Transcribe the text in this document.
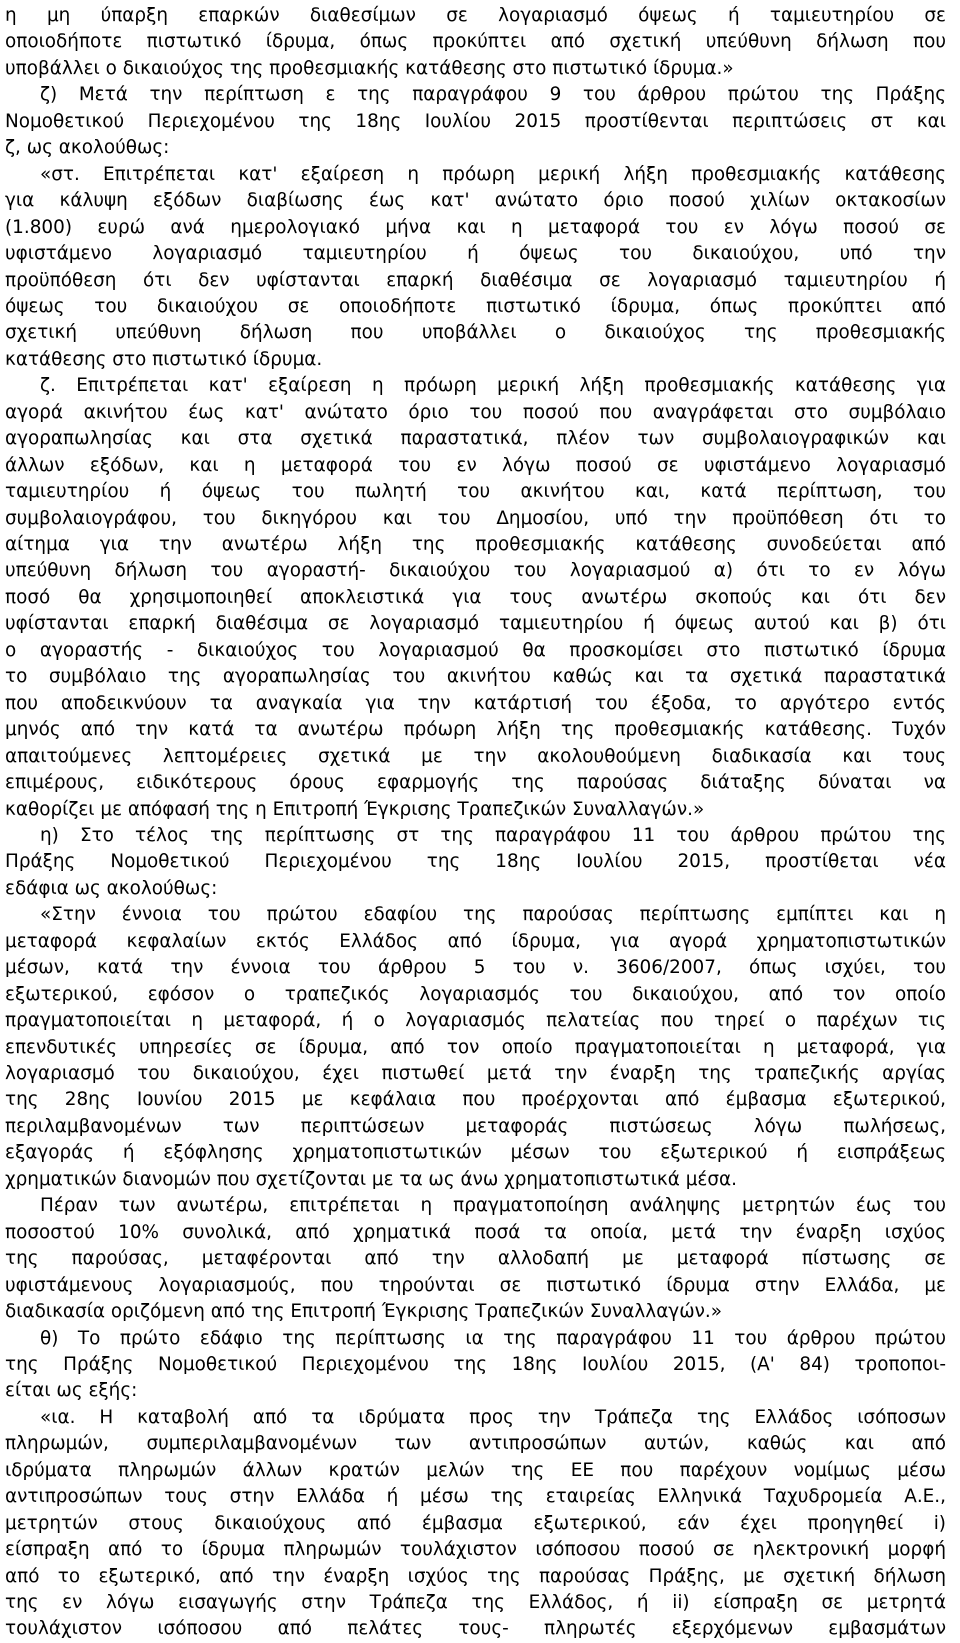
η μη ύπαρξη επαρκών διαθεσίμων σε λογαριασμό όψεως ή ταμιευτηρίου σε
οποιοδήποτε πιστωτικό ίδρυμα, όπως προκύπτει από σχετική υπεύθυνη δήλωση που
υποβάλλει ο δικαιούχος της προθεσμιακής κατάθεσης στο πιστωτικό ίδρυμα.»
ζ) Μετά την περίπτωση ε της παραγράφου 9 του άρθρου πρώτου της Πράξης
Νομοθετικού Περιεχομένου της 18ης Ιουλίου 2015 προστίθενται περιπτώσεις στ και
ζ, ως ακολούθως:
«στ. Επιτρέπεται κατ' εξαίρεση η πρόωρη μερική λήξη προθεσμιακής κατάθεσης
για κάλυψη εξόδων διαβίωσης έως κατ' ανώτατο όριο ποσού χιλίων οκτακοσίων
(1.800) ευρώ ανά ημερολογιακό μήνα και η μεταφορά του εν λόγω ποσού σε
υφιστάμενο λογαριασμό ταμιευτηρίου ή όψεως του δικαιούχου, υπό την
προϋπόθεση ότι δεν υφίστανται επαρκή διαθέσιμα σε λογαριασμό ταμιευτηρίου ή
όψεως του δικαιούχου σε οποιοδήποτε πιστωτικό ίδρυμα, όπως προκύπτει από
σχετική υπεύθυνη δήλωση που υποβάλλει ο δικαιούχος της προθεσμιακής
κατάθεσης στο πιστωτικό ίδρυμα.
ζ. Επιτρέπεται κατ' εξαίρεση η πρόωρη μερική λήξη προθεσμιακής κατάθεσης για
αγορά ακινήτου έως κατ' ανώτατο όριο του ποσού που αναγράφεται στο συμβόλαιο
αγοραπωλησίας και στα σχετικά παραστατικά, πλέον των συμβολαιογραφικών και
άλλων εξόδων, και η μεταφορά του εν λόγω ποσού σε υφιστάμενο λογαριασμό
ταμιευτηρίου ή όψεως του πωλητή του ακινήτου και, κατά περίπτωση, του
συμβολαιογράφου, του δικηγόρου και του Δημοσίου, υπό την προϋπόθεση ότι το
αίτημα για την ανωτέρω λήξη της προθεσμιακής κατάθεσης συνοδεύεται από
υπεύθυνη δήλωση του αγοραστή- δικαιούχου του λογαριασμού α) ότι το εν λόγω
ποσό θα χρησιμοποιηθεί αποκλειστικά για τους ανωτέρω σκοπούς και ότι δεν
υφίστανται επαρκή διαθέσιμα σε λογαριασμό ταμιευτηρίου ή όψεως αυτού και β) ότι
ο αγοραστής - δικαιούχος του λογαριασμού θα προσκομίσει στο πιστωτικό ίδρυμα
το συμβόλαιο της αγοραπωλησίας του ακινήτου καθώς και τα σχετικά παραστατικά
που αποδεικνύουν τα αναγκαία για την κατάρτισή του έξοδα, το αργότερο εντός
μηνός από την κατά τα ανωτέρω πρόωρη λήξη της προθεσμιακής κατάθεσης. Τυχόν
απαιτούμενες λεπτομέρειες σχετικά με την ακολουθούμενη διαδικασία και τους
επιμέρους, ειδικότερους όρους εφαρμογής της παρούσας διάταξης δύναται να
καθορίζει με απόφασή της η Επιτροπή Έγκρισης Τραπεζικών Συναλλαγών.»
η) Στο τέλος της περίπτωσης στ της παραγράφου 11 του άρθρου πρώτου της
Πράξης Νομοθετικού Περιεχομένου της 18ης Ιουλίου 2015, προστίθεται νέα
εδάφια ως ακολούθως:
«Στην έννοια του πρώτου εδαφίου της παρούσας περίπτωσης εμπίπτει και η
μεταφορά κεφαλαίων εκτός Ελλάδος από ίδρυμα, για αγορά χρηματοπιστωτικών
μέσων, κατά την έννοια του άρθρου 5 του ν. 3606/2007, όπως ισχύει, του
εξωτερικού, εφόσον ο τραπεζικός λογαριασμός του δικαιούχου, από τον οποίο
πραγματοποιείται η μεταφορά, ή ο λογαριασμός πελατείας που τηρεί ο παρέχων τις
επενδυτικές υπηρεσίες σε ίδρυμα, από τον οποίο πραγματοποιείται η μεταφορά, για
λογαριασμό του δικαιούχου, έχει πιστωθεί μετά την έναρξη της τραπεζικής αργίας
της 28ης Ιουνίου 2015 με κεφάλαια που προέρχονται από έμβασμα εξωτερικού,
περιλαμβανομένων των περιπτώσεων μεταφοράς πιστώσεως λόγω πωλήσεως,
εξαγοράς ή εξόφλησης χρηματοπιστωτικών μέσων του εξωτερικού ή εισπράξεως
χρηματικών διανομών που σχετίζονται με τα ως άνω χρηματοπιστωτικά μέσα.
Πέραν των ανωτέρω, επιτρέπεται η πραγματοποίηση ανάληψης μετρητών έως του
ποσοστού 10% συνολικά, από χρηματικά ποσά τα οποία, μετά την έναρξη ισχύος
της παρούσας, μεταφέρονται από την αλλοδαπή με μεταφορά πίστωσης σε
υφιστάμενους λογαριασμούς, που τηρούνται σε πιστωτικό ίδρυμα στην Ελλάδα, με
διαδικασία οριζόμενη από της Επιτροπή Έγκρισης Τραπεζικών Συναλλαγών.»
θ) Το πρώτο εδάφιο της περίπτωσης ια της παραγράφου 11 του άρθρου πρώτου
της Πράξης Νομοθετικού Περιεχομένου της 18ης Ιουλίου 2015, (Α' 84) τροποποι-
είται ως εξής:
«ια. Η καταβολή από τα ιδρύματα προς την Τράπεζα της Ελλάδος ισόποσων
πληρωμών, συμπεριλαμβανομένων των αντιπροσώπων αυτών, καθώς και από
ιδρύματα πληρωμών άλλων κρατών μελών της ΕΕ που παρέχουν νομίμως μέσω
αντιπροσώπων τους στην Ελλάδα ή μέσω της εταιρείας Ελληνικά Ταχυδρομεία Α.Ε.,
μετρητών στους δικαιούχους από έμβασμα εξωτερικού, εάν έχει προηγηθεί i)
είσπραξη από το ίδρυμα πληρωμών τουλάχιστον ισόποσου ποσού σε ηλεκτρονική μορφή
από το εξωτερικό, από την έναρξη ισχύος της παρούσας Πράξης, με σχετική δήλωση
της εν λόγω εισαγωγής στην Τράπεζα της Ελλάδος, ή ii) είσπραξη σε μετρητά
τουλάχιστον ισόποσου από πελάτες τους- πληρωτές εξερχόμενων εμβασμάτων
